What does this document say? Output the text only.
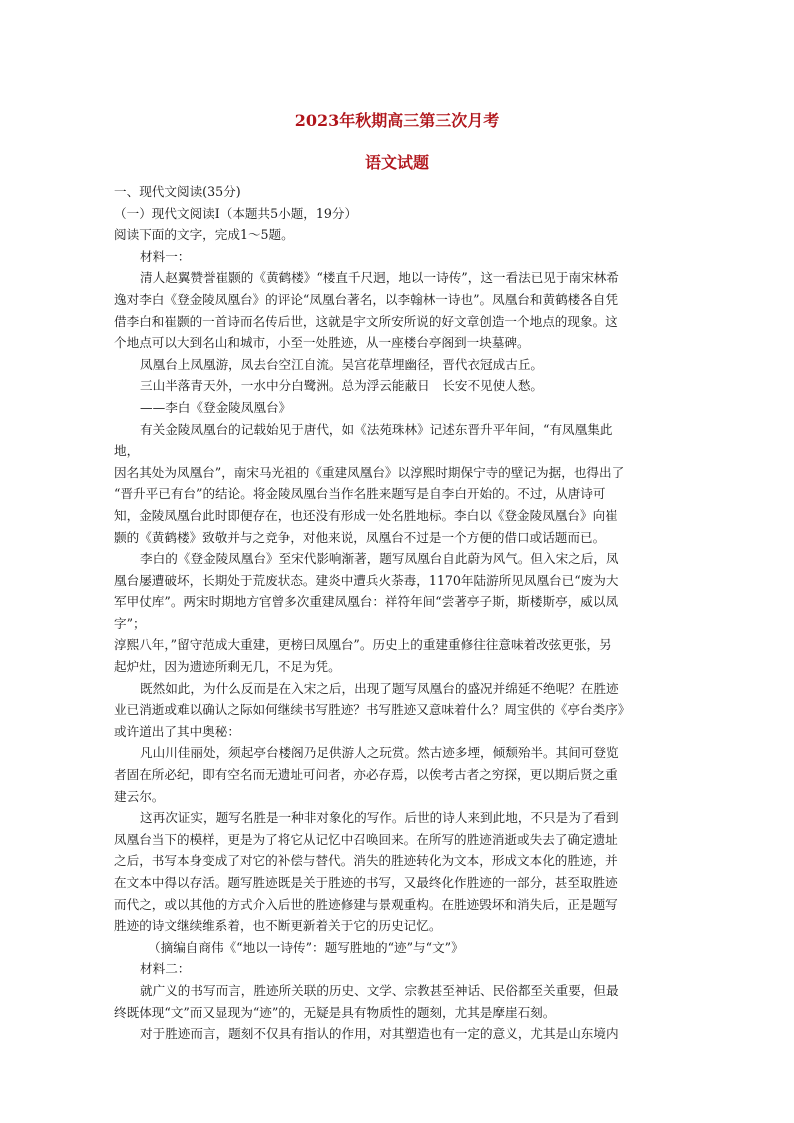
2023年秋期高三第三次月考
语文试题
一、现代文阅读(35分)
（一）现代文阅读Ⅰ（本题共5小题，19分）
阅读下面的文字，完成1～5题。
材料一：
清人赵翼赞誉崔颢的《黄鹤楼》“楼直千尺迥，地以一诗传”，这一看法已见于南宋林希
逸对李白《登金陵凤凰台》的评论“凤凰台著名，以李翰林一诗也”。凤凰台和黄鹤楼各自凭
借李白和崔颢的一首诗而名传后世，这就是宇文所安所说的好文章创造一个地点的现象。这
个地点可以大到名山和城市，小至一处胜迹，从一座楼台亭阁到一块墓碑。
凤凰台上凤凰游，凤去台空江自流。吴宫花草埋幽径，晋代衣冠成古丘。
三山半落青天外，一水中分白鹭洲。总为浮云能蔽日　长安不见使人愁。
——李白《登金陵凤凰台》
有关金陵凤凰台的记载始见于唐代，如《法苑珠林》记述东晋升平年间，“有凤凰集此
地，
因名其处为凤凰台”，南宋马光祖的《重建凤凰台》以淳熙时期保宁寺的壁记为据，也得出了
“晋升平已有台”的结论。将金陵凤凰台当作名胜来题写是自李白开始的。不过，从唐诗可
知，金陵凤凰台此时即便存在，也还没有形成一处名胜地标。李白以《登金陵凤凰台》向崔
颢的《黄鹤楼》致敬并与之竞争，对他来说，凤凰台不过是一个方便的借口或话题而已。
李白的《登金陵凤凰台》至宋代影响渐著，题写凤凰台自此蔚为风气。但入宋之后，凤
凰台屡遭破坏，长期处于荒废状态。建炎中遭兵火荼毒，1170年陆游所见凤凰台已“废为大
军甲仗库”。两宋时期地方官曾多次重建凤凰台：祥符年间“尝著亭子斯，斯楼斯亭，威以凤
字”；
淳熙八年，”留守范成大重建，更榜曰凤凰台”。历史上的重建重修往往意味着改弦更张，另
起炉灶，因为遗迹所剩无几，不足为凭。
既然如此，为什么反而是在入宋之后，出现了题写凤凰台的盛况并绵延不绝呢？在胜迹
业已消逝或难以确认之际如何继续书写胜迹？书写胜迹又意味着什么？周宝供的《亭台类序》
或许道出了其中奥秘：
凡山川佳丽处，须起亭台楼阁乃足供游人之玩赏。然古迹多堙，倾颓殆半。其间可登览
者固在所必纪，即有空名而无遗址可问者，亦必存焉，以俟考古者之穷探，更以期后贤之重
建云尔。
这再次证实，题写名胜是一种非对象化的写作。后世的诗人来到此地，不只是为了看到
凤凰台当下的模样，更是为了将它从记忆中召唤回来。在所写的胜迹消逝或失去了确定遗址
之后，书写本身变成了对它的补偿与替代。消失的胜迹转化为文本，形成文本化的胜迹，并
在文本中得以存活。题写胜迹既是关于胜迹的书写，又最终化作胜迹的一部分，甚至取胜迹
而代之，或以其他的方式介入后世的胜迹修建与景观重构。在胜迹毁坏和消失后，正是题写
胜迹的诗文继续维系着，也不断更新着关于它的历史记忆。
（摘编自商伟《“地以一诗传”：题写胜地的“迹”与“文”》
材料二：
就广义的书写而言，胜迹所关联的历史、文学、宗教甚至神话、民俗都至关重要，但最
终既体现“文”而又显现为“迹”的，无疑是具有物质性的题刻，尤其是摩崖石刻。
对于胜迹而言，题刻不仅具有指认的作用，对其塑造也有一定的意义，尤其是山东境内
